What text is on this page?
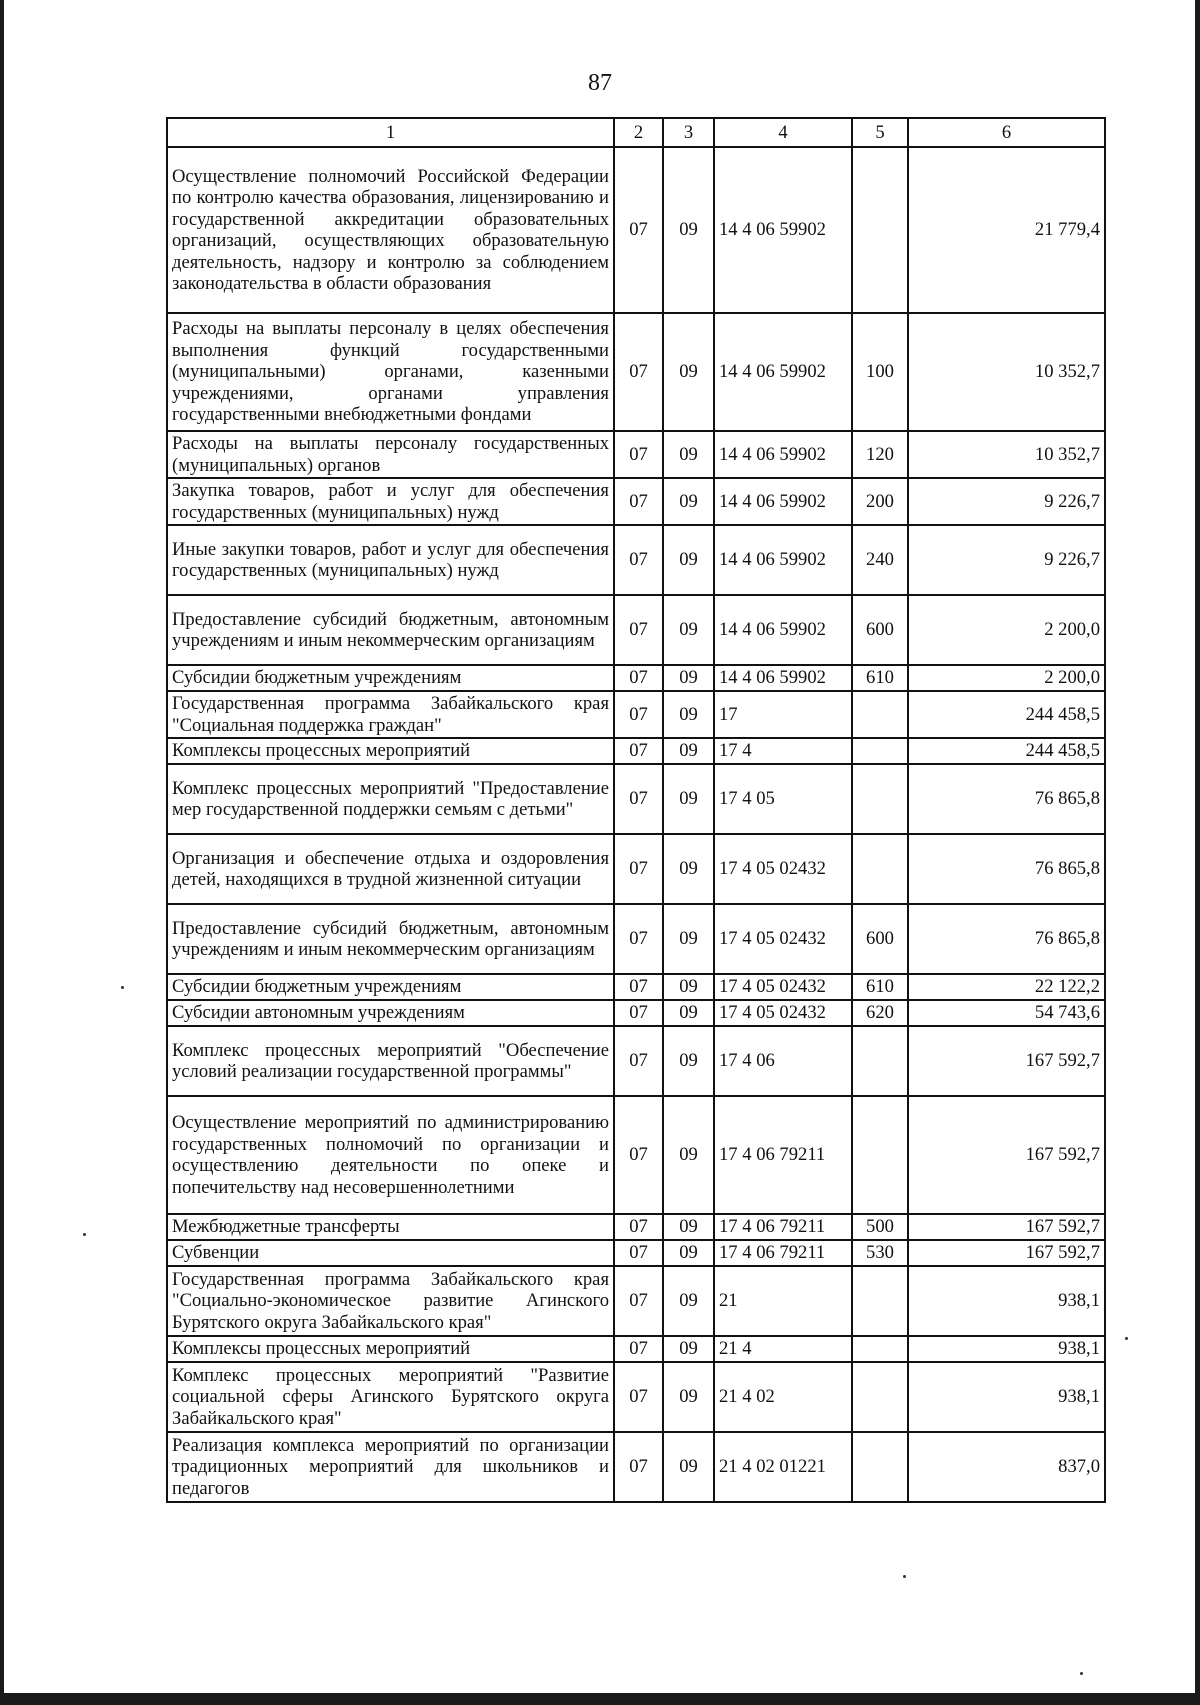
87
1	2	3	4	5	6
Осуществление полномочий Российской Федерации по контролю качества образования, лицензированию и государственной аккредитации образовательных организаций, осуществляющих образовательную деятельность, надзору и контролю за соблюдением законодательства в области образования	07	09	14 4 06 59902		21 779,4
Расходы на выплаты персоналу в целях обеспечения выполнения функций государственными (муниципальными) органами, казенными учреждениями, органами управления государственными внебюджетными фондами	07	09	14 4 06 59902	100	10 352,7
Расходы на выплаты персоналу государственных (муниципальных) органов	07	09	14 4 06 59902	120	10 352,7
Закупка товаров, работ и услуг для обеспечения государственных (муниципальных) нужд	07	09	14 4 06 59902	200	9 226,7
Иные закупки товаров, работ и услуг для обеспечения государственных (муниципальных) нужд	07	09	14 4 06 59902	240	9 226,7
Предоставление субсидий бюджетным, автономным учреждениям и иным некоммерческим организациям	07	09	14 4 06 59902	600	2 200,0
Субсидии бюджетным учреждениям	07	09	14 4 06 59902	610	2 200,0
Государственная программа Забайкальского края "Социальная поддержка граждан"	07	09	17		244 458,5
Комплексы процессных мероприятий	07	09	17 4		244 458,5
Комплекс процессных мероприятий "Предоставление мер государственной поддержки семьям с детьми"	07	09	17 4 05		76 865,8
Организация и обеспечение отдыха и оздоровления детей, находящихся в трудной жизненной ситуации	07	09	17 4 05 02432		76 865,8
Предоставление субсидий бюджетным, автономным учреждениям и иным некоммерческим организациям	07	09	17 4 05 02432	600	76 865,8
Субсидии бюджетным учреждениям	07	09	17 4 05 02432	610	22 122,2
Субсидии автономным учреждениям	07	09	17 4 05 02432	620	54 743,6
Комплекс процессных мероприятий "Обеспечение условий реализации государственной программы"	07	09	17 4 06		167 592,7
Осуществление мероприятий по администрированию государственных полномочий по организации и осуществлению деятельности по опеке и попечительству над несовершеннолетними	07	09	17 4 06 79211		167 592,7
Межбюджетные трансферты	07	09	17 4 06 79211	500	167 592,7
Субвенции	07	09	17 4 06 79211	530	167 592,7
Государственная программа Забайкальского края "Социально-экономическое развитие Агинского Бурятского округа Забайкальского края"	07	09	21		938,1
Комплексы процессных мероприятий	07	09	21 4		938,1
Комплекс процессных мероприятий "Развитие социальной сферы Агинского Бурятского округа Забайкальского края"	07	09	21 4 02		938,1
Реализация комплекса мероприятий по организации традиционных мероприятий для школьников и педагогов	07	09	21 4 02 01221		837,0
